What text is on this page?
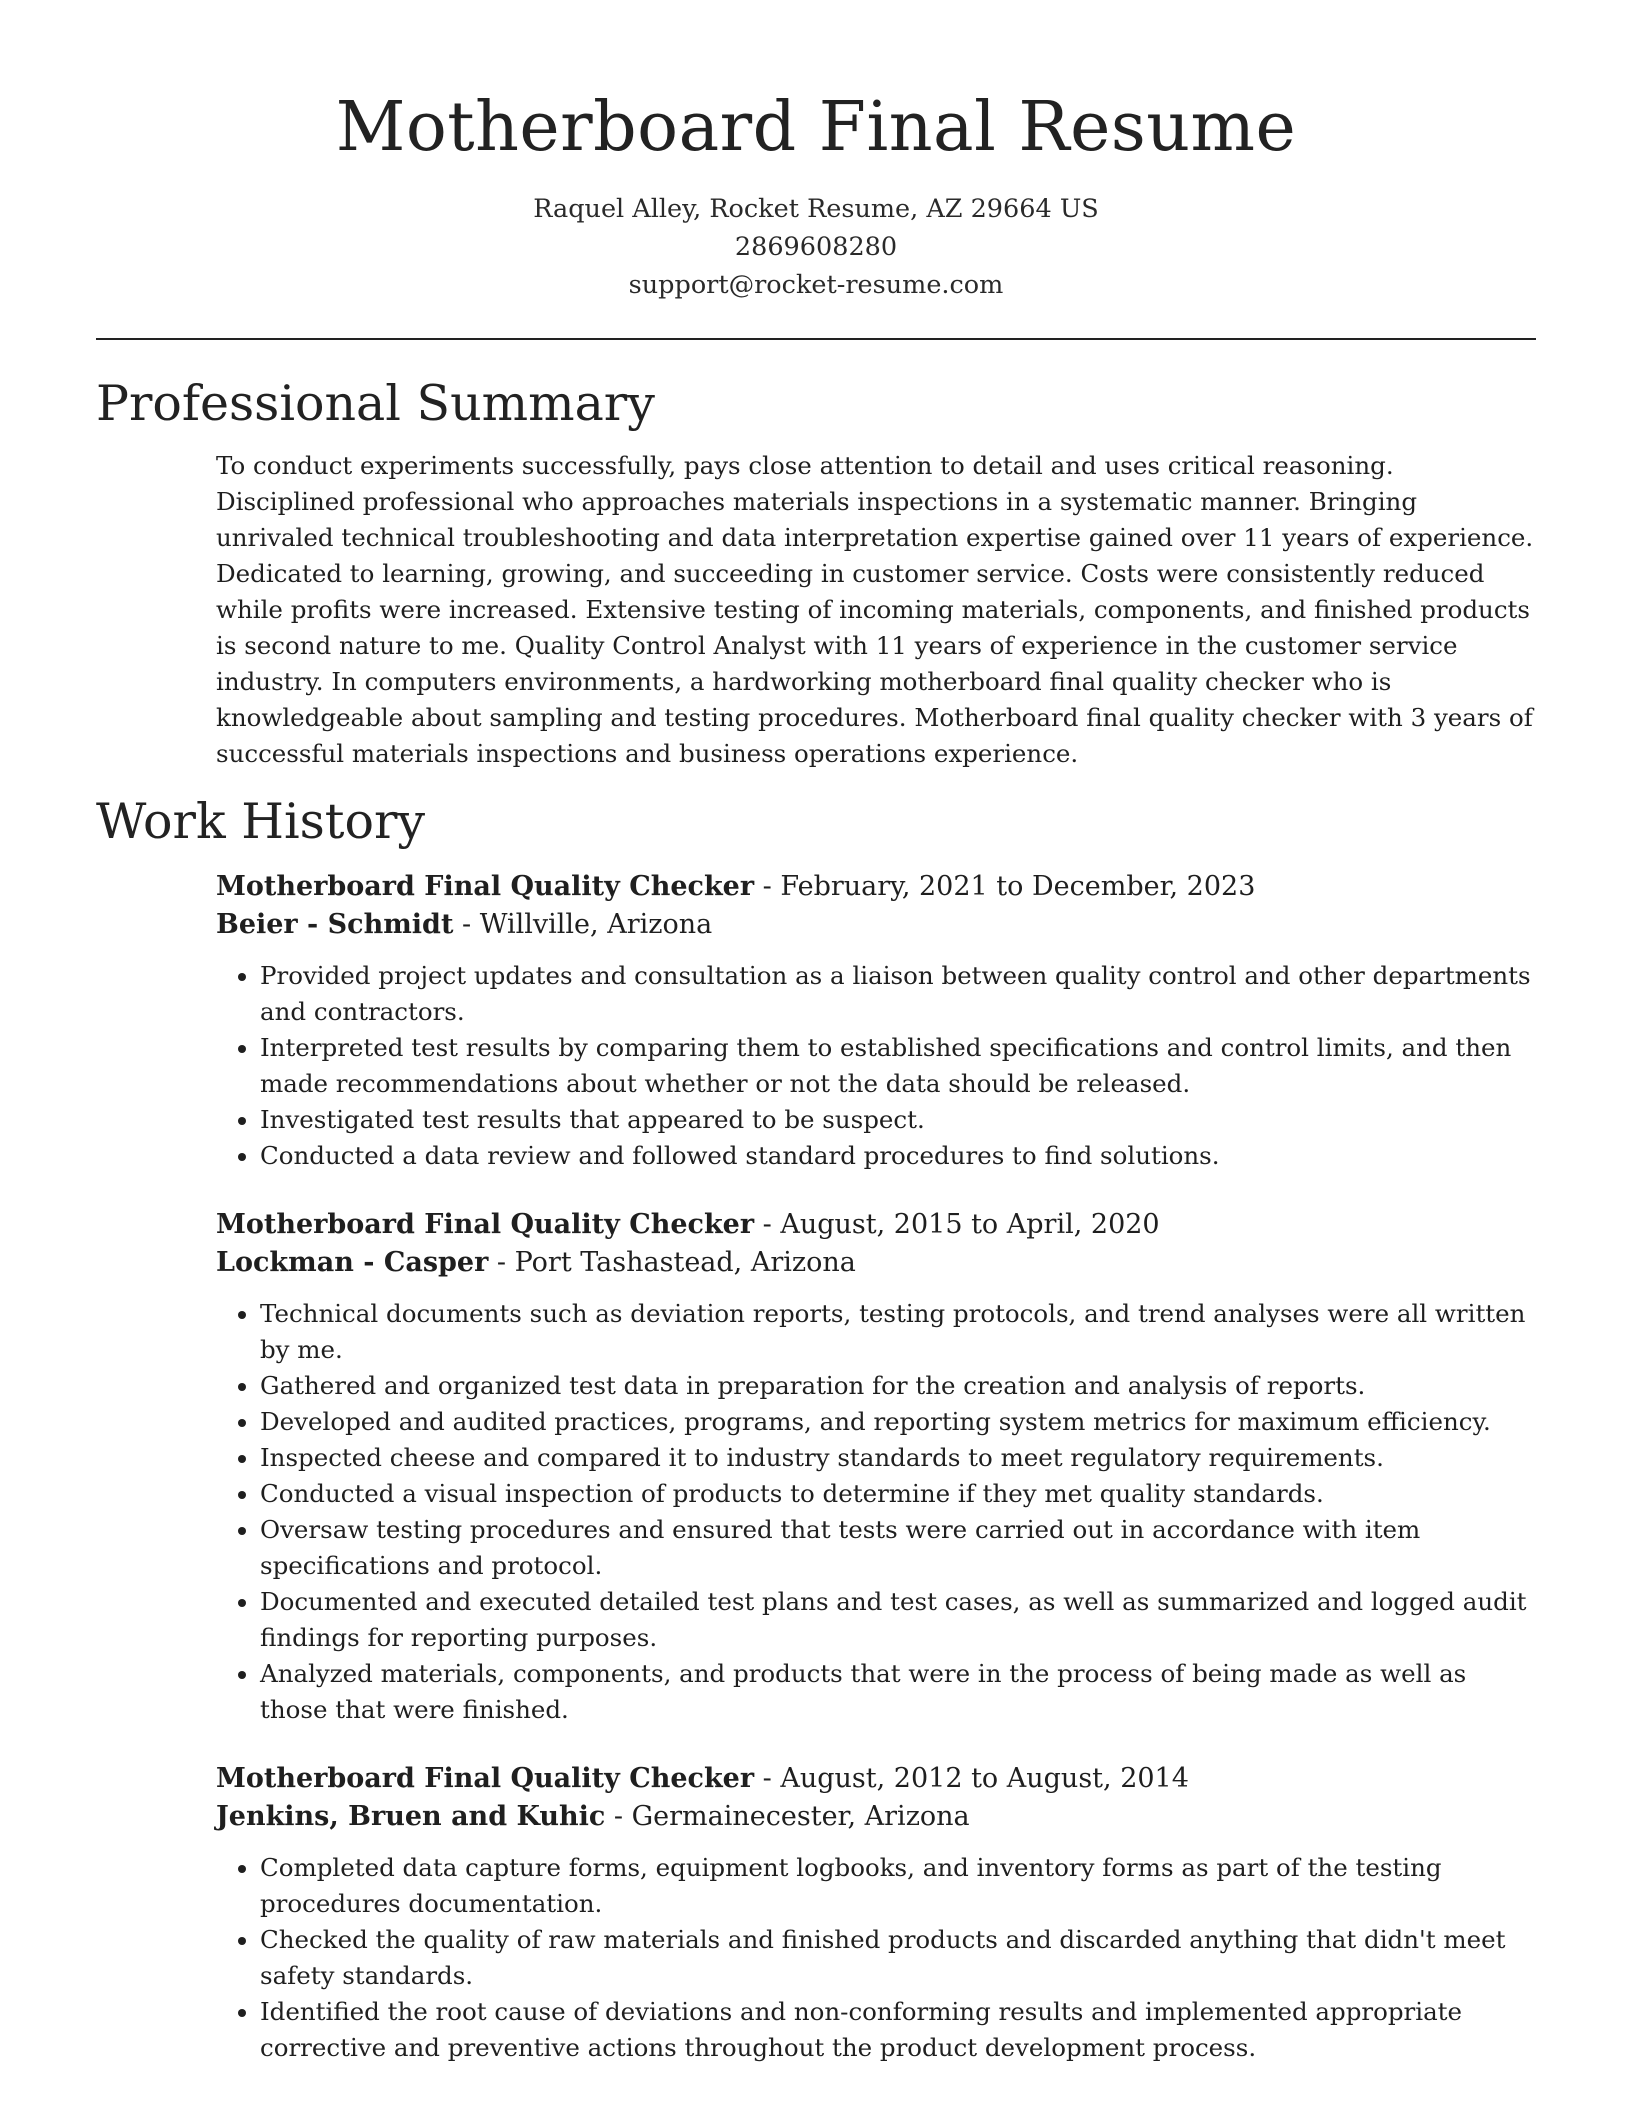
Motherboard Final Resume
Raquel Alley, Rocket Resume, AZ 29664 US
2869608280
support@rocket-resume.com
Professional Summary
To conduct experiments successfully, pays close attention to detail and uses critical reasoning. Disciplined professional who approaches materials inspections in a systematic manner. Bringing unrivaled technical troubleshooting and data interpretation expertise gained over 11 years of experience. Dedicated to learning, growing, and succeeding in customer service. Costs were consistently reduced while profits were increased. Extensive testing of incoming materials, components, and finished products is second nature to me. Quality Control Analyst with 11 years of experience in the customer service industry. In computers environments, a hardworking motherboard final quality checker who is knowledgeable about sampling and testing procedures. Motherboard final quality checker with 3 years of successful materials inspections and business operations experience.
Work History
Motherboard Final Quality Checker - February, 2021 to December, 2023
Beier - Schmidt - Willville, Arizona
• Provided project updates and consultation as a liaison between quality control and other departments and contractors.
• Interpreted test results by comparing them to established specifications and control limits, and then made recommendations about whether or not the data should be released.
• Investigated test results that appeared to be suspect.
• Conducted a data review and followed standard procedures to find solutions.
Motherboard Final Quality Checker - August, 2015 to April, 2020
Lockman - Casper - Port Tashastead, Arizona
• Technical documents such as deviation reports, testing protocols, and trend analyses were all written by me.
• Gathered and organized test data in preparation for the creation and analysis of reports.
• Developed and audited practices, programs, and reporting system metrics for maximum efficiency.
• Inspected cheese and compared it to industry standards to meet regulatory requirements.
• Conducted a visual inspection of products to determine if they met quality standards.
• Oversaw testing procedures and ensured that tests were carried out in accordance with item specifications and protocol.
• Documented and executed detailed test plans and test cases, as well as summarized and logged audit findings for reporting purposes.
• Analyzed materials, components, and products that were in the process of being made as well as those that were finished.
Motherboard Final Quality Checker - August, 2012 to August, 2014
Jenkins, Bruen and Kuhic - Germainecester, Arizona
• Completed data capture forms, equipment logbooks, and inventory forms as part of the testing procedures documentation.
• Checked the quality of raw materials and finished products and discarded anything that didn't meet safety standards.
• Identified the root cause of deviations and non-conforming results and implemented appropriate corrective and preventive actions throughout the product development process.
